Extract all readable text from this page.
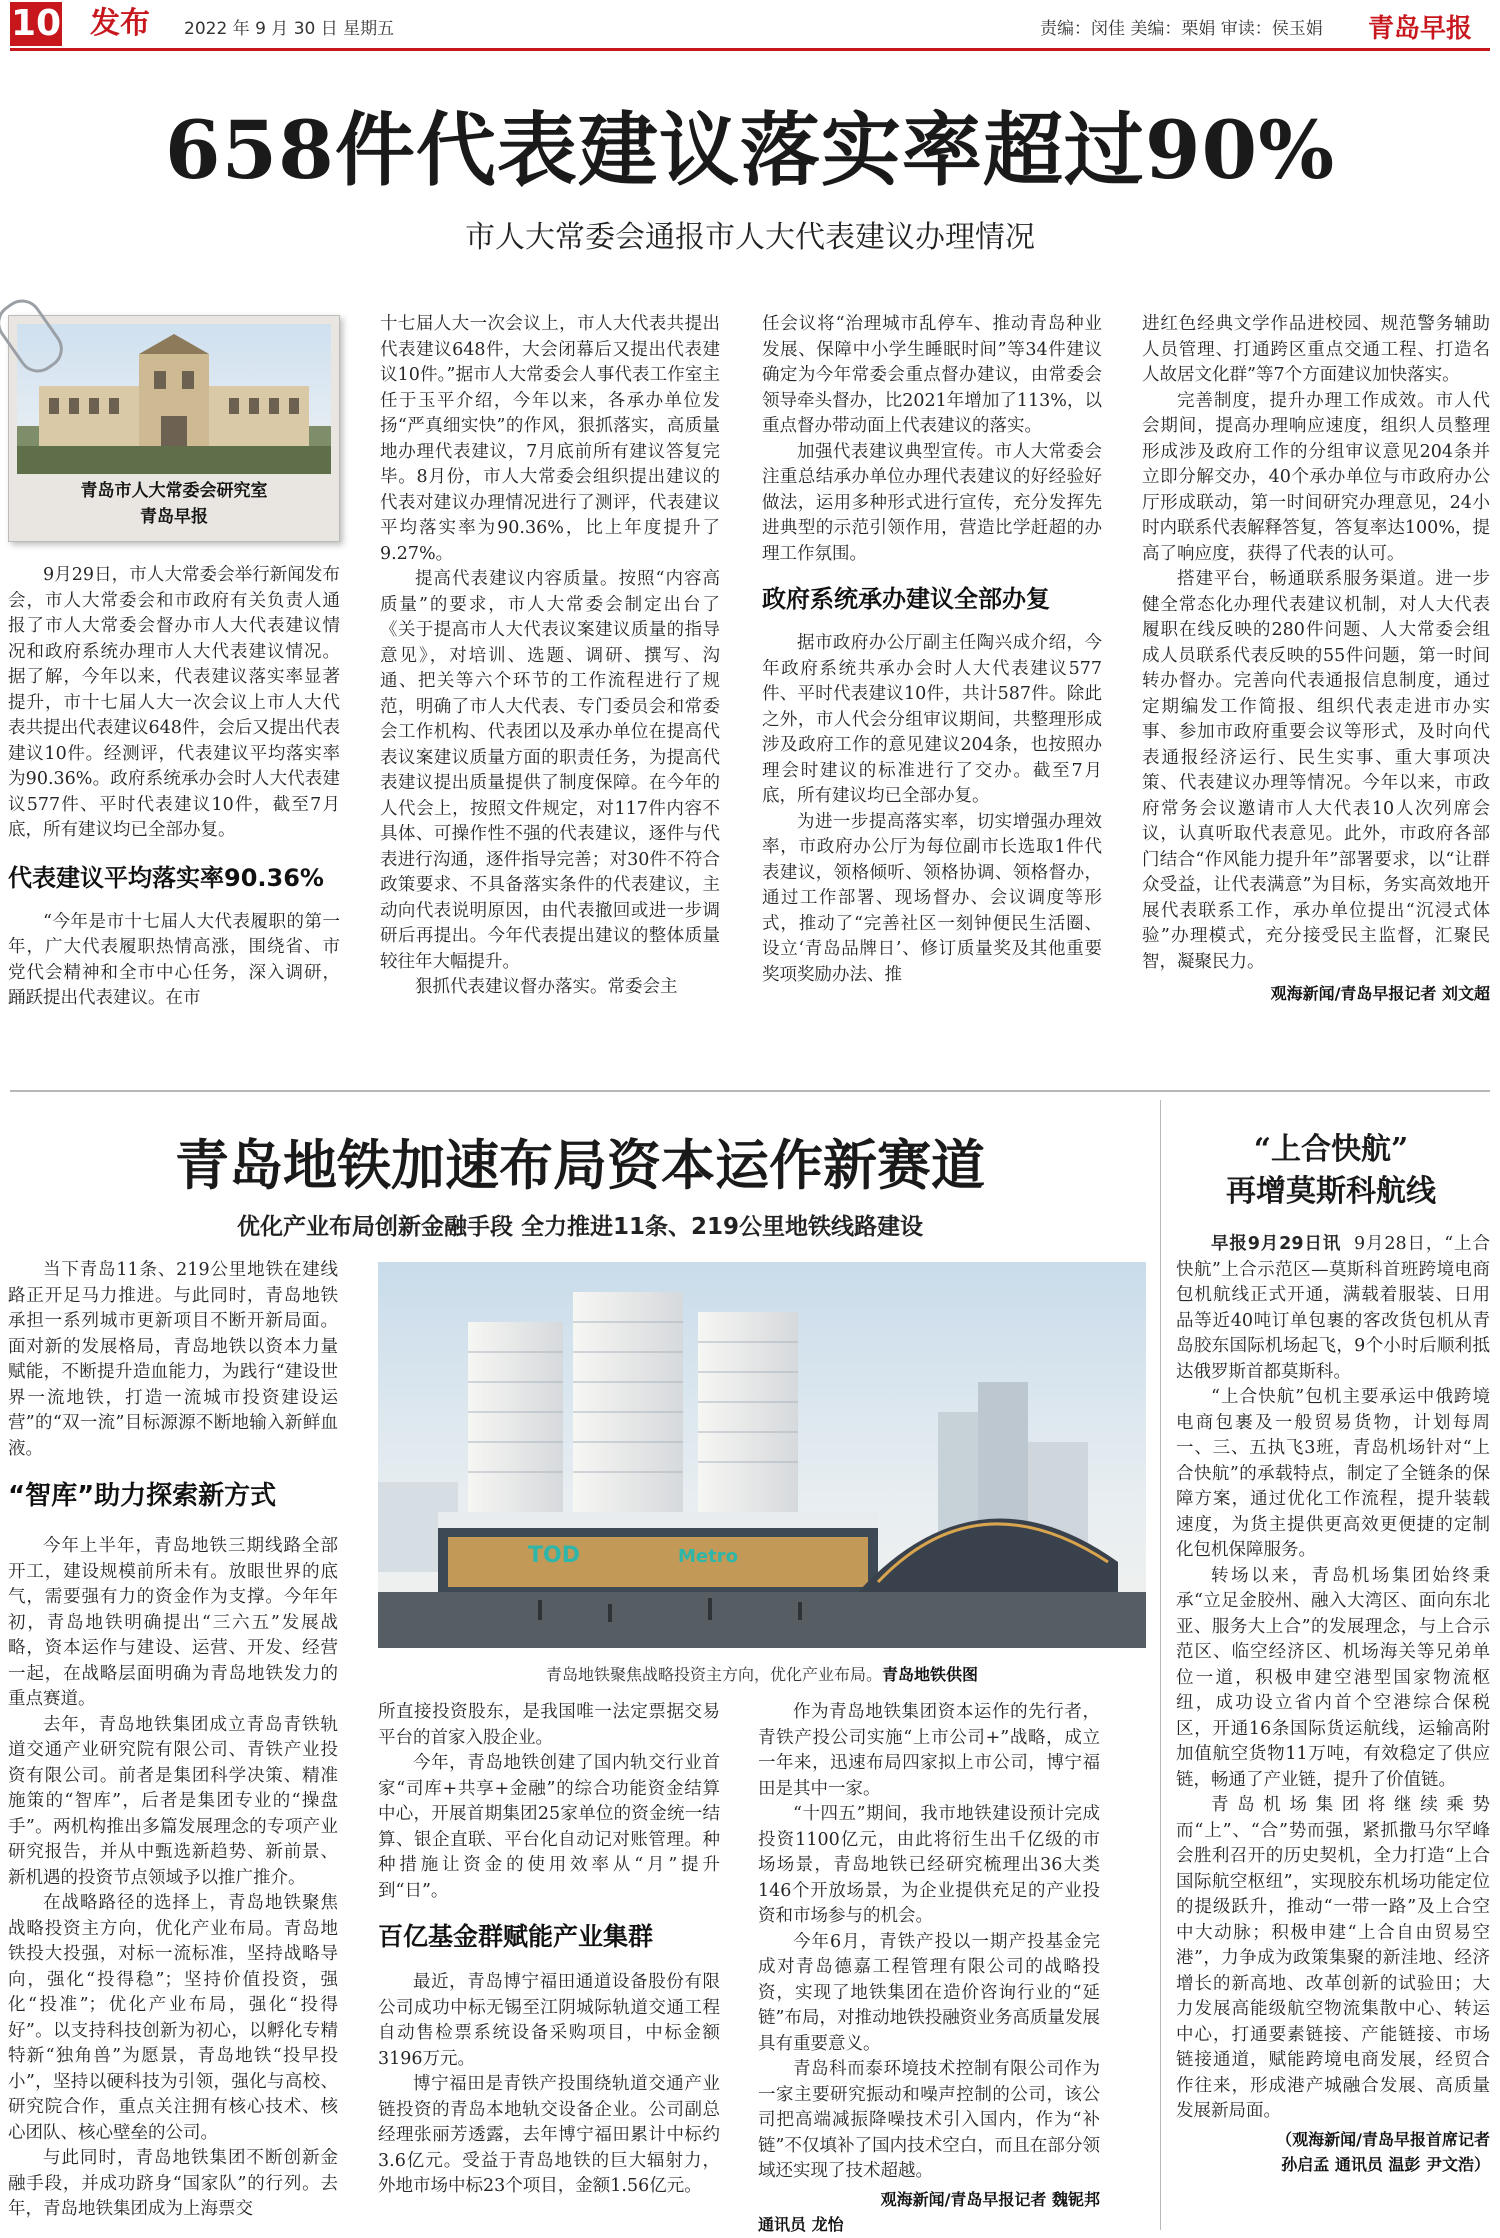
10 发布 2022 年 9 月 30 日 星期五	责编：闵佳 美编：栗娟 审读：侯玉娟 青岛早报
658件代表建议落实率超过90%
市人大常委会通报市人大代表建议办理情况
青岛市人大常委会研究室
青岛早报

9月29日，市人大常委会举行新闻发布会，市人大常委会和市政府有关负责人通报了市人大常委会督办市人大代表建议情况和政府系统办理市人大代表建议情况。据了解，今年以来，代表建议落实率显著提升，市十七届人大一次会议上市人大代表共提出代表建议648件，会后又提出代表建议10件。经测评，代表建议平均落实率为90.36%。政府系统承办会时人大代表建议577件、平时代表建议10件，截至7月底，所有建议均已全部办复。

代表建议平均落实率90.36%

“今年是市十七届人大代表履职的第一年，广大代表履职热情高涨，围绕省、市党代会精神和全市中心任务，深入调研，踊跃提出代表建议。在市

十七届人大一次会议上，市人大代表共提出代表建议648件，大会闭幕后又提出代表建议10件。”据市人大常委会人事代表工作室主任于玉平介绍，今年以来，各承办单位发扬“严真细实快”的作风，狠抓落实，高质量地办理代表建议，7月底前所有建议答复完毕。8月份，市人大常委会组织提出建议的代表对建议办理情况进行了测评，代表建议平均落实率为90.36%，比上年度提升了9.27%。

提高代表建议内容质量。按照“内容高质量”的要求，市人大常委会制定出台了《关于提高市人大代表议案建议质量的指导意见》，对培训、选题、调研、撰写、沟通、把关等六个环节的工作流程进行了规范，明确了市人大代表、专门委员会和常委会工作机构、代表团以及承办单位在提高代表议案建议质量方面的职责任务，为提高代表建议提出质量提供了制度保障。在今年的人代会上，按照文件规定，对117件内容不具体、可操作性不强的代表建议，逐件与代表进行沟通，逐件指导完善；对30件不符合政策要求、不具备落实条件的代表建议，主动向代表说明原因，由代表撤回或进一步调研后再提出。今年代表提出建议的整体质量较往年大幅提升。

狠抓代表建议督办落实。常委会主

任会议将“治理城市乱停车、推动青岛种业发展、保障中小学生睡眠时间”等34件建议确定为今年常委会重点督办建议，由常委会领导牵头督办，比2021年增加了113%，以重点督办带动面上代表建议的落实。

加强代表建议典型宣传。市人大常委会注重总结承办单位办理代表建议的好经验好做法，运用多种形式进行宣传，充分发挥先进典型的示范引领作用，营造比学赶超的办理工作氛围。

政府系统承办建议全部办复

据市政府办公厅副主任陶兴成介绍，今年政府系统共承办会时人大代表建议577件、平时代表建议10件，共计587件。除此之外，市人代会分组审议期间，共整理形成涉及政府工作的意见建议204条，也按照办理会时建议的标准进行了交办。截至7月底，所有建议均已全部办复。

为进一步提高落实率，切实增强办理效率，市政府办公厅为每位副市长选取1件代表建议，领格倾听、领格协调、领格督办，通过工作部署、现场督办、会议调度等形式，推动了“完善社区一刻钟便民生活圈、设立‘青岛品牌日’、修订质量奖及其他重要奖项奖励办法、推

进红色经典文学作品进校园、规范警务辅助人员管理、打通跨区重点交通工程、打造名人故居文化群”等7个方面建议加快落实。

完善制度，提升办理工作成效。市人代会期间，提高办理响应速度，组织人员整理形成涉及政府工作的分组审议意见204条并立即分解交办，40个承办单位与市政府办公厅形成联动，第一时间研究办理意见，24小时内联系代表解释答复，答复率达100%，提高了响应度，获得了代表的认可。

搭建平台，畅通联系服务渠道。进一步健全常态化办理代表建议机制，对人大代表履职在线反映的280件问题、人大常委会组成人员联系代表反映的55件问题，第一时间转办督办。完善向代表通报信息制度，通过定期编发工作简报、组织代表走进市办实事、参加市政府重要会议等形式，及时向代表通报经济运行、民生实事、重大事项决策、代表建议办理等情况。今年以来，市政府常务会议邀请市人大代表10人次列席会议，认真听取代表意见。此外，市政府各部门结合“作风能力提升年”部署要求，以“让群众受益，让代表满意”为目标，务实高效地开展代表联系工作，承办单位提出“沉浸式体验”办理模式，充分接受民主监督，汇聚民智，凝聚民力。

观海新闻/青岛早报记者 刘文超
青岛地铁加速布局资本运作新赛道
优化产业布局创新金融手段 全力推进11条、219公里地铁线路建设

当下青岛11条、219公里地铁在建线路正开足马力推进。与此同时，青岛地铁承担一系列城市更新项目不断开新局面。面对新的发展格局，青岛地铁以资本力量赋能，不断提升造血能力，为践行“建设世界一流地铁，打造一流城市投资建设运营”的“双一流”目标源源不断地输入新鲜血液。

“智库”助力探索新方式

今年上半年，青岛地铁三期线路全部开工，建设规模前所未有。放眼世界的底气，需要强有力的资金作为支撑。今年年初，青岛地铁明确提出“三六五”发展战略，资本运作与建设、运营、开发、经营一起，在战略层面明确为青岛地铁发力的重点赛道。

去年，青岛地铁集团成立青岛青铁轨道交通产业研究院有限公司、青铁产业投资有限公司。前者是集团科学决策、精准施策的“智库”，后者是集团专业的“操盘手”。两机构推出多篇发展理念的专项产业研究报告，并从中甄选新趋势、新前景、新机遇的投资节点领域予以推广推介。

在战略路径的选择上，青岛地铁聚焦战略投资主方向，优化产业布局。青岛地铁投大投强，对标一流标准，坚持战略导向，强化“投得稳”；坚持价值投资，强化“投准”；优化产业布局，强化“投得好”。以支持科技创新为初心，以孵化专精特新“独角兽”为愿景，青岛地铁“投早投小”，坚持以硬科技为引领，强化与高校、研究院合作，重点关注拥有核心技术、核心团队、核心壁垒的公司。

与此同时，青岛地铁集团不断创新金融手段，并成功跻身“国家队”的行列。去年，青岛地铁集团成为上海票交

TOD	Metro
青岛地铁聚焦战略投资主方向，优化产业布局。青岛地铁供图

所直接投资股东，是我国唯一法定票据交易平台的首家入股企业。

今年，青岛地铁创建了国内轨交行业首家“司库+共享+金融”的综合功能资金结算中心，开展首期集团25家单位的资金统一结算、银企直联、平台化自动记对账管理。种种措施让资金的使用效率从“月”提升到“日”。

百亿基金群赋能产业集群

最近，青岛博宁福田通道设备股份有限公司成功中标无锡至江阴城际轨道交通工程自动售检票系统设备采购项目，中标金额3196万元。

博宁福田是青铁产投围绕轨道交通产业链投资的青岛本地轨交设备企业。公司副总经理张丽芳透露，去年博宁福田累计中标约3.6亿元。受益于青岛地铁的巨大辐射力，外地市场中标23个项目，金额1.56亿元。

作为青岛地铁集团资本运作的先行者，青铁产投公司实施“上市公司+”战略，成立一年来，迅速布局四家拟上市公司，博宁福田是其中一家。

“十四五”期间，我市地铁建设预计完成投资1100亿元，由此将衍生出千亿级的市场场景，青岛地铁已经研究梳理出36大类146个开放场景，为企业提供充足的产业投资和市场参与的机会。

今年6月，青铁产投以一期产投基金完成对青岛德嘉工程管理有限公司的战略投资，实现了地铁集团在造价咨询行业的“延链”布局，对推动地铁投融资业务高质量发展具有重要意义。

青岛科而泰环境技术控制有限公司作为一家主要研究振动和噪声控制的公司，该公司把高端减振降噪技术引入国内，作为“补链”不仅填补了国内技术空白，而且在部分领域还实现了技术超越。

观海新闻/青岛早报记者 魏铌邦
通讯员 龙怡
“上合快航”
再增莫斯科航线

早报9月29日讯 9月28日，“上合快航”上合示范区—莫斯科首班跨境电商包机航线正式开通，满载着服装、日用品等近40吨订单包裹的客改货包机从青岛胶东国际机场起飞，9个小时后顺利抵达俄罗斯首都莫斯科。

“上合快航”包机主要承运中俄跨境电商包裹及一般贸易货物，计划每周一、三、五执飞3班，青岛机场针对“上合快航”的承载特点，制定了全链条的保障方案，通过优化工作流程，提升装载速度，为货主提供更高效更便捷的定制化包机保障服务。

转场以来，青岛机场集团始终秉承“立足金胶州、融入大湾区、面向东北亚、服务大上合”的发展理念，与上合示范区、临空经济区、机场海关等兄弟单位一道，积极申建空港型国家物流枢纽，成功设立省内首个空港综合保税区，开通16条国际货运航线，运输高附加值航空货物11万吨，有效稳定了供应链，畅通了产业链，提升了价值链。

青岛机场集团将继续乘势而“上”、“合”势而强，紧抓撒马尔罕峰会胜利召开的历史契机，全力打造“上合国际航空枢纽”，实现胶东机场功能定位的提级跃升，推动“一带一路”及上合空中大动脉；积极申建“上合自由贸易空港”，力争成为政策集聚的新洼地、经济增长的新高地、改革创新的试验田；大力发展高能级航空物流集散中心、转运中心，打通要素链接、产能链接、市场链接通道，赋能跨境电商发展，经贸合作往来，形成港产城融合发展、高质量发展新局面。

（观海新闻/青岛早报首席记者
孙启孟 通讯员 温彭 尹文浩）
